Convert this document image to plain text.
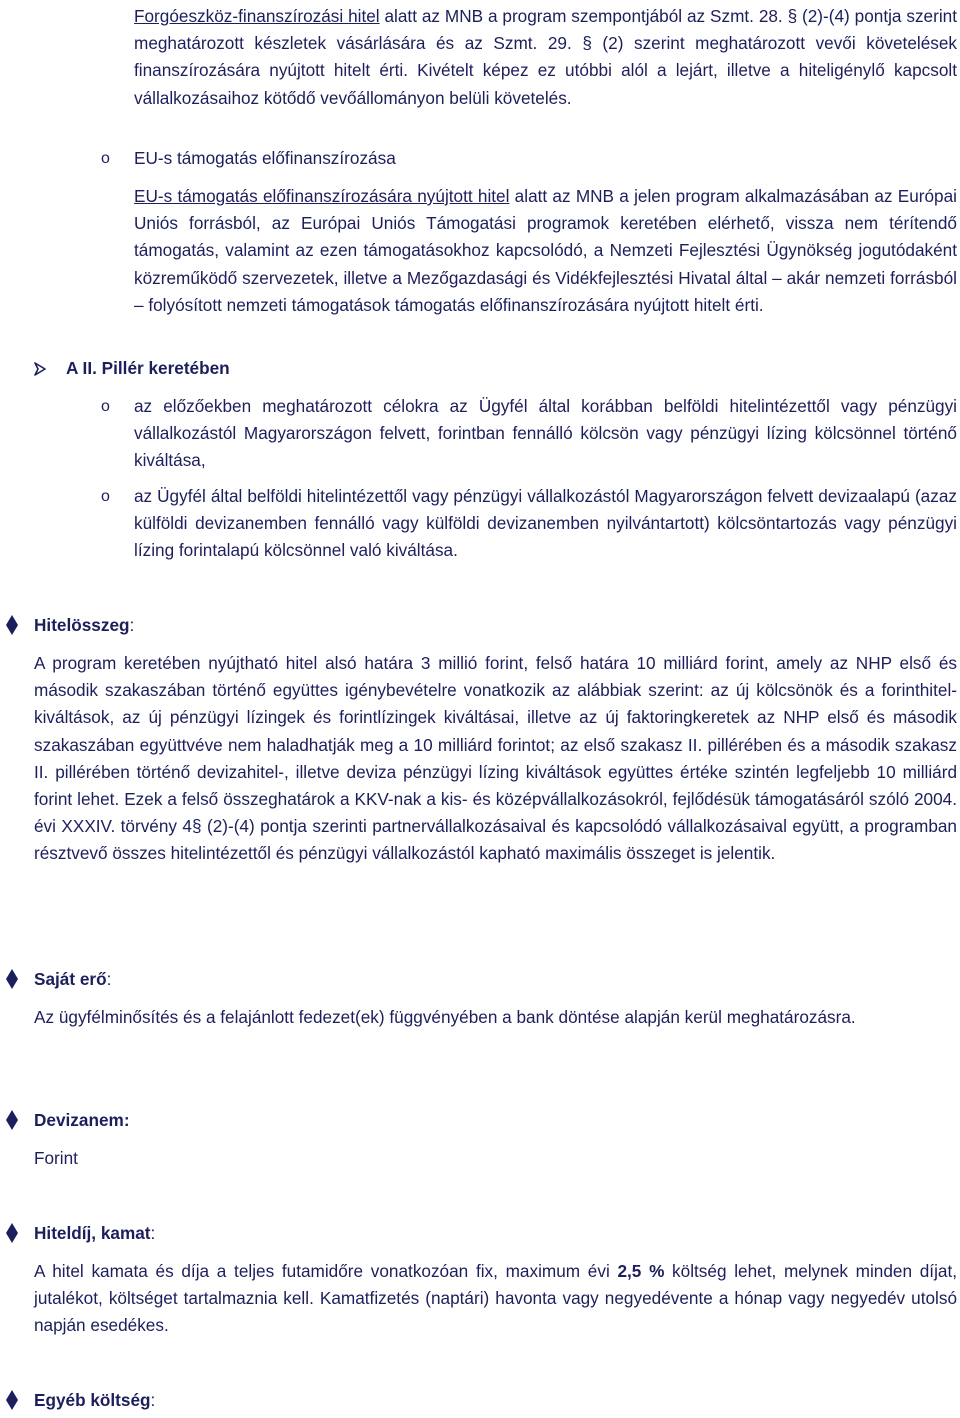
Forgóeszköz-finanszírozási hitel alatt az MNB a program szempontjából az Szmt. 28. § (2)-(4) pontja szerint meghatározott készletek vásárlására és az Szmt. 29. § (2) szerint meghatározott vevői követelések finanszírozására nyújtott hitelt érti. Kivételt képez ez utóbbi alól a lejárt, illetve a hiteligénylő kapcsolt vállalkozásaihoz kötődő vevőállományon belüli követelés.

o EU-s támogatás előfinanszírozása

EU-s támogatás előfinanszírozására nyújtott hitel alatt az MNB a jelen program alkalmazásában az Európai Uniós forrásból, az Európai Uniós Támogatási programok keretében elérhető, vissza nem térítendő támogatás, valamint az ezen támogatásokhoz kapcsolódó, a Nemzeti Fejlesztési Ügynökség jogutódaként közreműködő szervezetek, illetve a Mezőgazdasági és Vidékfejlesztési Hivatal által – akár nemzeti forrásból – folyósított nemzeti támogatások támogatás előfinanszírozására nyújtott hitelt érti.

A II. Pillér keretében
o az előzőekben meghatározott célokra az Ügyfél által korábban belföldi hitelintézettől vagy pénzügyi vállalkozástól Magyarországon felvett, forintban fennálló kölcsön vagy pénzügyi lízing kölcsönnel történő kiváltása,

o az Ügyfél által belföldi hitelintézettől vagy pénzügyi vállalkozástól Magyarországon felvett devizaalapú (azaz külföldi devizanemben fennálló vagy külföldi devizanemben nyilvántartott) kölcsöntartozás vagy pénzügyi lízing forintalapú kölcsönnel való kiváltása.

Hitelösszeg:

A program keretében nyújtható hitel alsó határa 3 millió forint, felső határa 10 milliárd forint, amely az NHP első és második szakaszában történő együttes igénybevételre vonatkozik az alábbiak szerint: az új kölcsönök és a forinthitel-kiváltások, az új pénzügyi lízingek és forintlízingek kiváltásai, illetve az új faktoringkeretek az NHP első és második szakaszában együttvéve nem haladhatják meg a 10 milliárd forintot; az első szakasz II. pillérében és a második szakasz II. pillérében történő devizahitel-, illetve deviza pénzügyi lízing kiváltások együttes értéke szintén legfeljebb 10 milliárd forint lehet. Ezek a felső összeghatárok a KKV-nak a kis- és középvállalkozásokról, fejlődésük támogatásáról szóló 2004. évi XXXIV. törvény 4§ (2)-(4) pontja szerinti partnervállalkozásaival és kapcsolódó vállalkozásaival együtt, a programban résztvevő összes hitelintézettől és pénzügyi vállalkozástól kapható maximális összeget is jelentik.

Saját erő:

Az ügyfélminősítés és a felajánlott fedezet(ek) függvényében a bank döntése alapján kerül meghatározásra.

Devizanem:
Forint
Hiteldíj, kamat:

A hitel kamata és díja a teljes futamidőre vonatkozóan fix, maximum évi 2,5 % költség lehet, melynek minden díjat, jutalékot, költséget tartalmaznia kell. Kamatfizetés (naptári) havonta vagy negyedévente a hónap vagy negyedév utolsó napján esedékes.

Egyéb költség:
